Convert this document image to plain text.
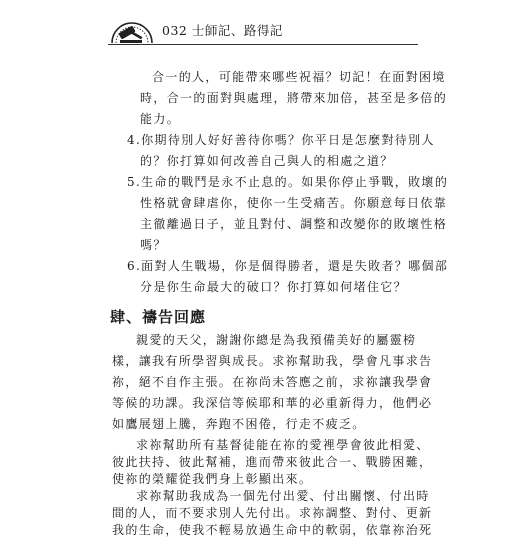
032 士師記、路得記
合一的人，可能帶來哪些祝福？切記！在面對困境
時，合一的面對與處理，將帶來加倍，甚至是多倍的
能力。
4.你期待別人好好善待你嗎？你平日是怎麼對待別人
的？你打算如何改善自己與人的相處之道？
5.生命的戰鬥是永不止息的。如果你停止爭戰，敗壞的
性格就會肆虐你，使你一生受痛苦。你願意每日依靠
主徹離過日子，並且對付、調整和改變你的敗壞性格
嗎？
6.面對人生戰場，你是個得勝者，還是失敗者？哪個部
分是你生命最大的破口？你打算如何堵住它？
肆、禱告回應
親愛的天父，謝謝你總是為我預備美好的屬靈榜
樣，讓我有所學習與成長。求祢幫助我，學會凡事求告
祢，絕不自作主張。在祢尚未答應之前，求祢讓我學會
等候的功課。我深信等候耶和華的必重新得力，他們必
如鷹展翅上騰，奔跑不困倦，行走不疲乏。
求祢幫助所有基督徒能在祢的愛裡學會彼此相愛、
彼此扶持、彼此幫補，進而帶來彼此合一、戰勝困難，
使祢的榮耀從我們身上彰顯出來。
求祢幫助我成為一個先付出愛、付出關懷、付出時
間的人，而不要求別人先付出。求祢調整、對付、更新
我的生命，使我不輕易放過生命中的軟弱，依靠祢治死
